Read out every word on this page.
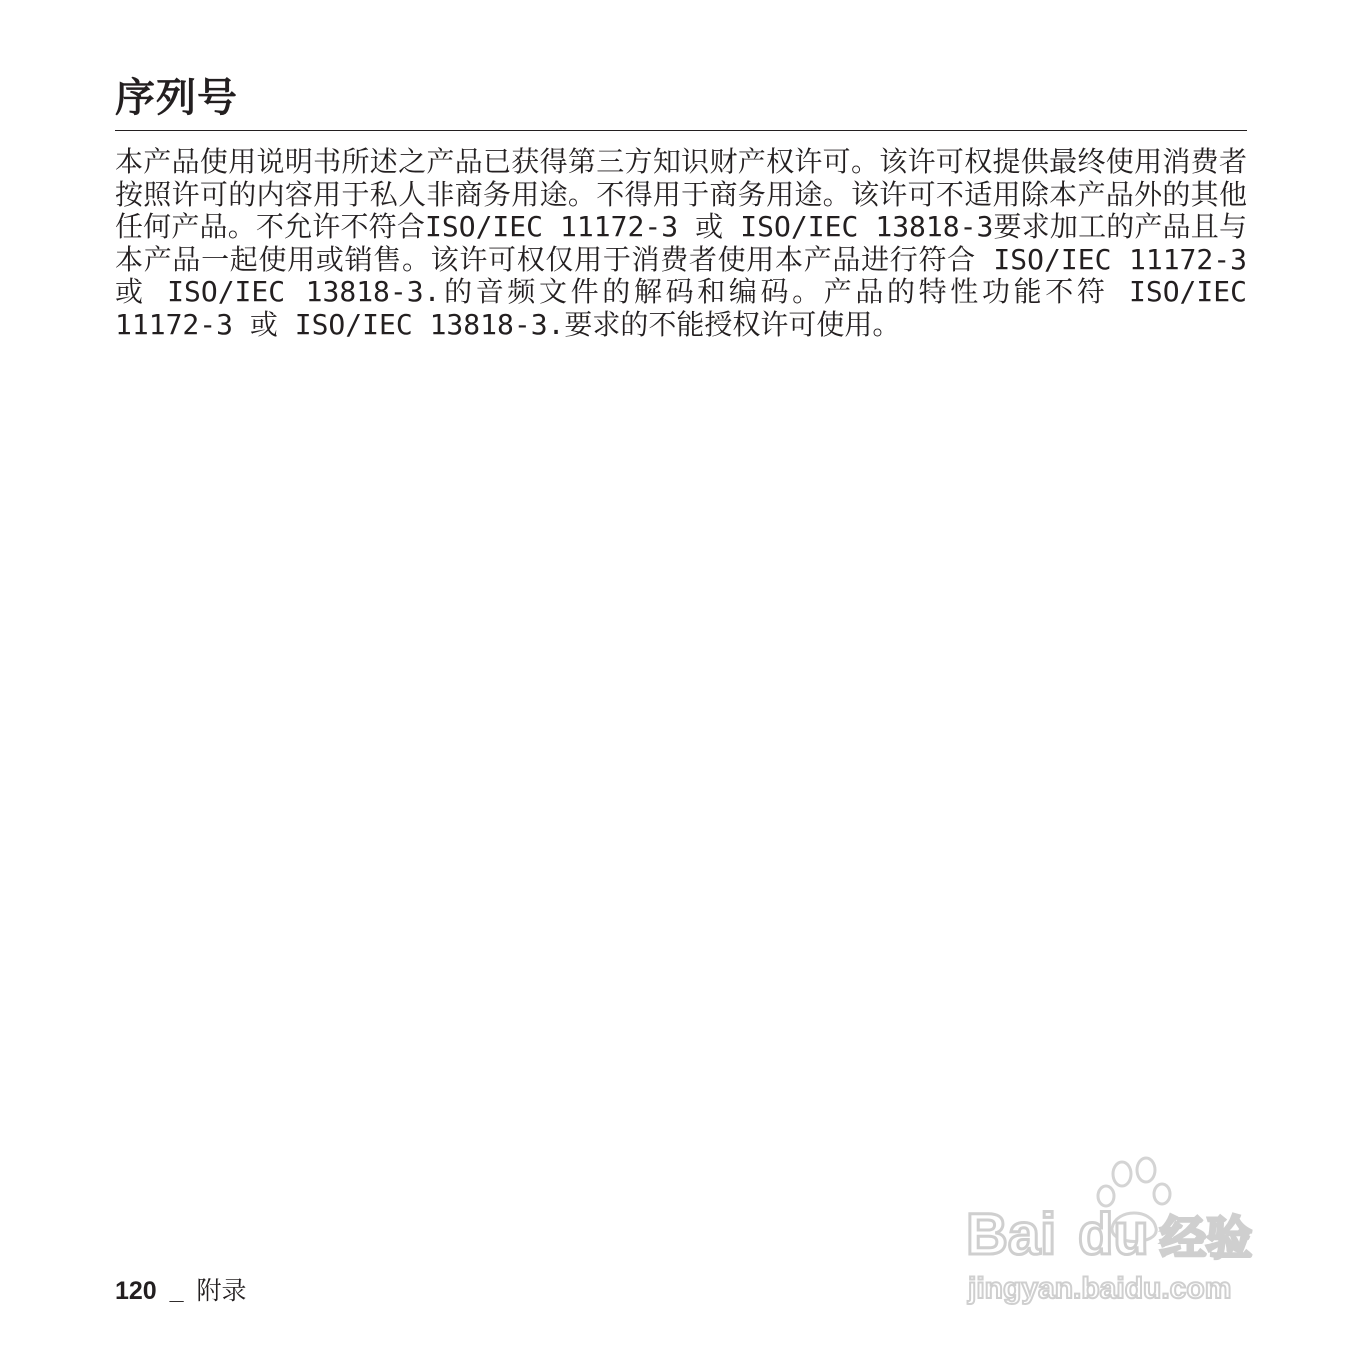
序列号

本产品使用说明书所述之产品已获得第三方知识财产权许可。该许可权提供最终使用消费者按照许可的内容用于私人非商务用途。不得用于商务用途。该许可不适用除本产品外的其他任何产品。不允许不符合ISO/IEC 11172-3 或 ISO/IEC 13818-3要求加工的产品且与本产品一起使用或销售。该许可权仅用于消费者使用本产品进行符合 ISO/IEC 11172-3 或 ISO/IEC 13818-3.的音频文件的解码和编码。产品的特性功能不符 ISO/IEC 11172-3 或 ISO/IEC 13818-3.要求的不能授权许可使用。

120 _ 附录
Bai du 经验
jingyan.baidu.com
